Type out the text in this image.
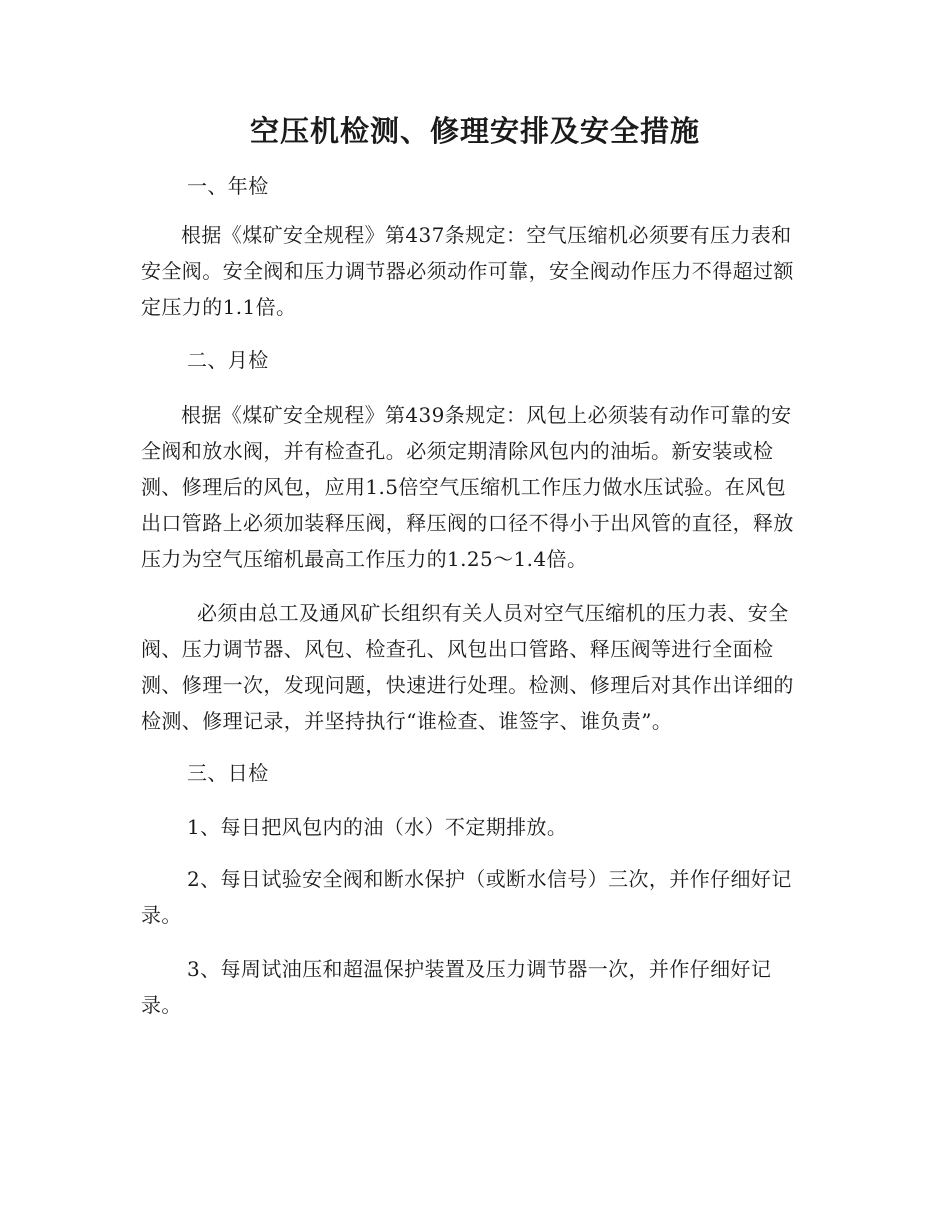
空压机检测、修理安排及安全措施

一、年检

根据《煤矿安全规程》第437条规定：空气压缩机必须要有压力表和安全阀。安全阀和压力调节器必须动作可靠，安全阀动作压力不得超过额定压力的1.1倍。

二、月检

根据《煤矿安全规程》第439条规定：风包上必须装有动作可靠的安全阀和放水阀，并有检查孔。必须定期清除风包内的油垢。新安装或检测、修理后的风包，应用1.5倍空气压缩机工作压力做水压试验。在风包出口管路上必须加装释压阀，释压阀的口径不得小于出风管的直径，释放压力为空气压缩机最高工作压力的1.25～1.4倍。

必须由总工及通风矿长组织有关人员对空气压缩机的压力表、安全阀、压力调节器、风包、检查孔、风包出口管路、释压阀等进行全面检测、修理一次，发现问题，快速进行处理。检测、修理后对其作出详细的检测、修理记录，并坚持执行“谁检查、谁签字、谁负责”。

三、日检

1、每日把风包内的油（水）不定期排放。

2、每日试验安全阀和断水保护（或断水信号）三次，并作仔细好记录。

3、每周试油压和超温保护装置及压力调节器一次，并作仔细好记录。
